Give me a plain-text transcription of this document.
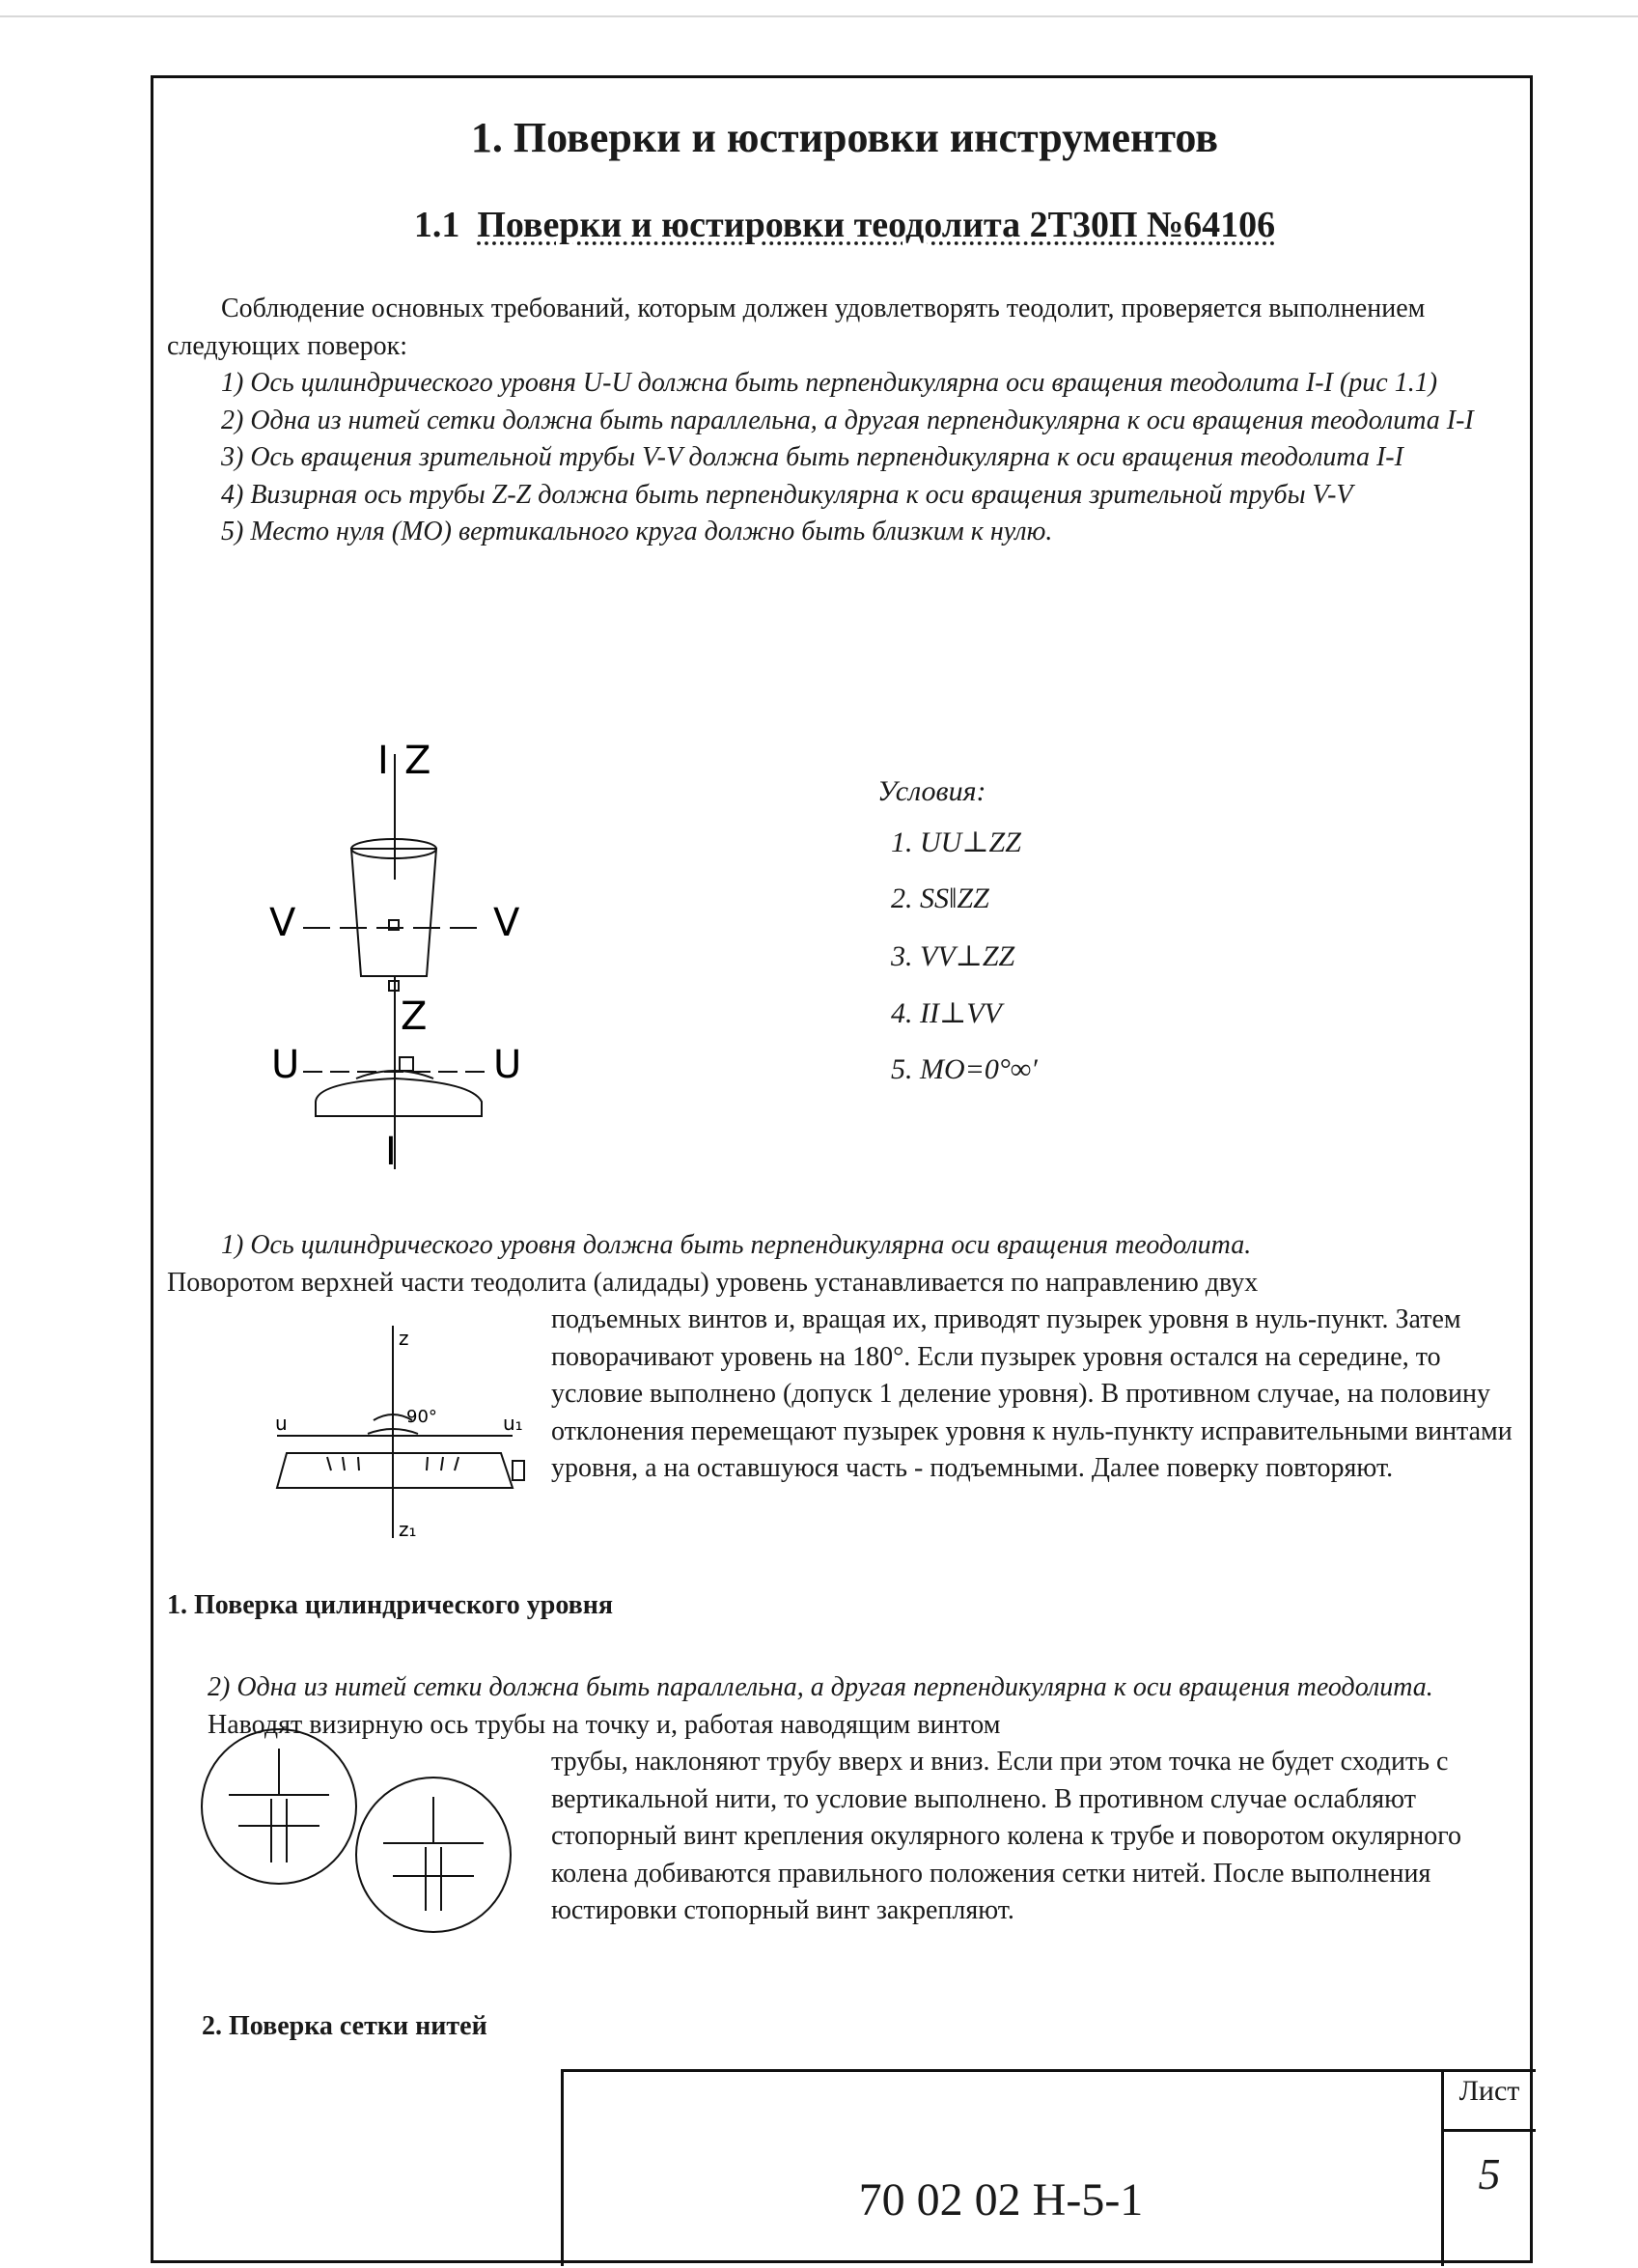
1. Поверки и юстировки инструментов
1.1 Поверки и юстировки теодолита 2Т30П №64106

Соблюдение основных требований, которым должен удовлетворять теодолит, проверяется выполнением следующих поверок:

1) Ось цилиндрического уровня U-U должна быть перпендикулярна оси вращения теодолита I-I (рис 1.1)

2) Одна из нитей сетки должна быть параллельна, а другая перпендикулярна к оси вращения теодолита I-I

3) Ось вращения зрительной трубы V-V должна быть перпендикулярна к оси вращения теодолита I-I

4) Визирная ось трубы Z-Z должна быть перпендикулярна к оси вращения зрительной трубы V-V

5) Место нуля (МО) вертикального круга должно быть близким к нулю.

I Z
V	V
Z
U	U
I
Условия:
1. UU⊥ZZ
2. SS‖ZZ
3. VV⊥ZZ
4. II⊥VV
5. MO=0°∞′

1) Ось цилиндрического уровня должна быть перпендикулярна оси вращения теодолита.

Поворотом верхней части теодолита (алидады) уровень устанавливается по направлению двух

подъемных винтов и, вращая их, приводят пузырек уровня в нуль-пункт. Затем поворачивают уровень на 180°. Если пузырек уровня остался на середине, то условие выполнено (допуск 1 деление уровня). В противном случае, на половину отклонения перемещают пузырек уровня к нуль-пункту исправительными винтами уровня, а на оставшуюся часть - подъемными. Далее поверку повторяют.

z
90°
u	u₁
z₁
1. Поверка цилиндрического уровня

2) Одна из нитей сетки должна быть параллельна, а другая перпендикулярна к оси вращения теодолита. Наводят визирную ось трубы на точку и, работая наводящим винтом

трубы, наклоняют трубу вверх и вниз. Если при этом точка не будет сходить с вертикальной нити, то условие выполнено. В противном случае ослабляют стопорный винт крепления окулярного колена к трубе и поворотом окулярного колена добиваются правильного положения сетки нитей. После выполнения юстировки стопорный винт закрепляют.

2. Поверка сетки нитей
70 02 02 Н-5-1
Лист
5
